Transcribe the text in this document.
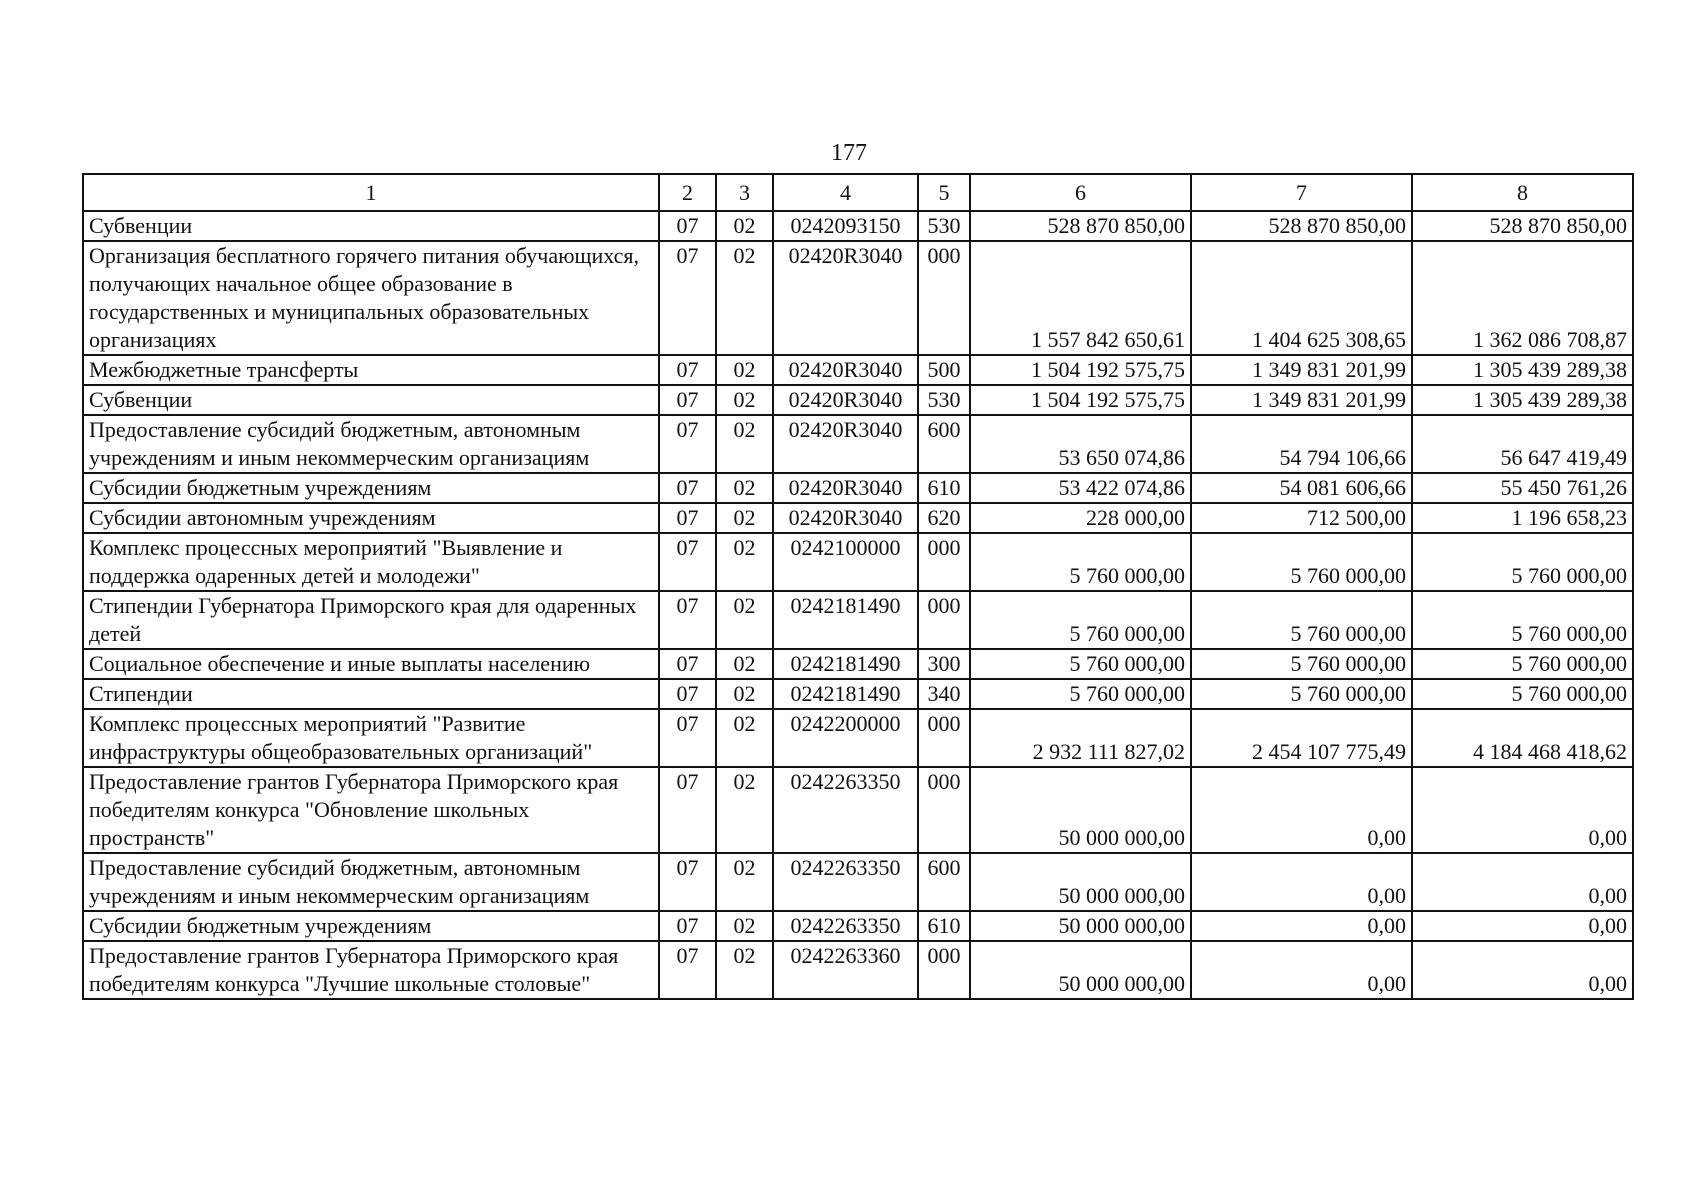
177
1	2	3	4	5	6	7	8
Субвенции	07	02	0242093150	530	528 870 850,00	528 870 850,00	528 870 850,00
Организация бесплатного горячего питания обучающихся, получающих начальное общее образование в государственных и муниципальных образовательных организациях	07	02	02420R3040	000	1 557 842 650,61	1 404 625 308,65	1 362 086 708,87
Межбюджетные трансферты	07	02	02420R3040	500	1 504 192 575,75	1 349 831 201,99	1 305 439 289,38
Субвенции	07	02	02420R3040	530	1 504 192 575,75	1 349 831 201,99	1 305 439 289,38
Предоставление субсидий бюджетным, автономным учреждениям и иным некоммерческим организациям	07	02	02420R3040	600	53 650 074,86	54 794 106,66	56 647 419,49
Субсидии бюджетным учреждениям	07	02	02420R3040	610	53 422 074,86	54 081 606,66	55 450 761,26
Субсидии автономным учреждениям	07	02	02420R3040	620	228 000,00	712 500,00	1 196 658,23
Комплекс процессных мероприятий "Выявление и поддержка одаренных детей и молодежи"	07	02	0242100000	000	5 760 000,00	5 760 000,00	5 760 000,00
Стипендии Губернатора Приморского края для одаренных детей	07	02	0242181490	000	5 760 000,00	5 760 000,00	5 760 000,00
Социальное обеспечение и иные выплаты населению	07	02	0242181490	300	5 760 000,00	5 760 000,00	5 760 000,00
Стипендии	07	02	0242181490	340	5 760 000,00	5 760 000,00	5 760 000,00
Комплекс процессных мероприятий "Развитие инфраструктуры общеобразовательных организаций"	07	02	0242200000	000	2 932 111 827,02	2 454 107 775,49	4 184 468 418,62
Предоставление грантов Губернатора Приморского края победителям конкурса "Обновление школьных пространств"	07	02	0242263350	000	50 000 000,00	0,00	0,00
Предоставление субсидий бюджетным, автономным учреждениям и иным некоммерческим организациям	07	02	0242263350	600	50 000 000,00	0,00	0,00
Субсидии бюджетным учреждениям	07	02	0242263350	610	50 000 000,00	0,00	0,00
Предоставление грантов Губернатора Приморского края победителям конкурса "Лучшие школьные столовые"	07	02	0242263360	000	50 000 000,00	0,00	0,00
